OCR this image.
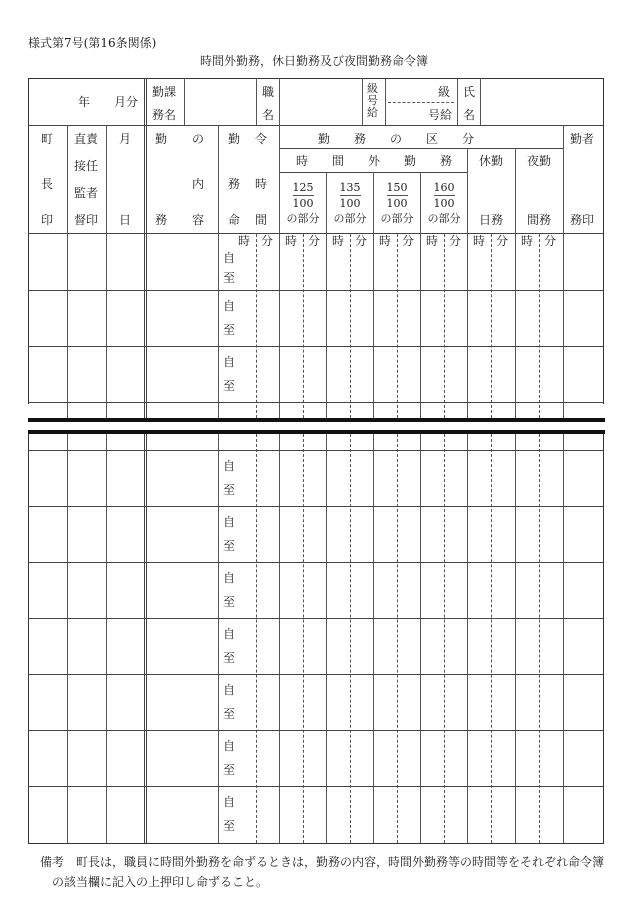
様式第7号(第16条関係)
時間外勤務，休日勤務及び夜間勤務命令簿
年 月分
勤課
務名
職
名
級
号
給
級
号給
氏
名
町
長
印
直責
接任
監者
督印
月
日
勤 の
内
務 容
勤 令
務 時
命 間
勤　　務　　の　　区　　分
時　　間　　外　　勤　　務
125
100
の部分
135
100
の部分
150
100
の部分
160
100
の部分
休勤
日務
夜勤
間務
勤者
務印
時 分 時 分 時 分 時 分 時 分 時 分 時 分
自
至
自
至
自
至
自
至
自
至
自
至
自
至
自
至
自
至
自
至
備考 町長は，職員に時間外勤務を命ずるときは，勤務の内容，時間外勤務等の時間等をそれぞれ命令簿
の該当欄に記入の上押印し命ずること。
